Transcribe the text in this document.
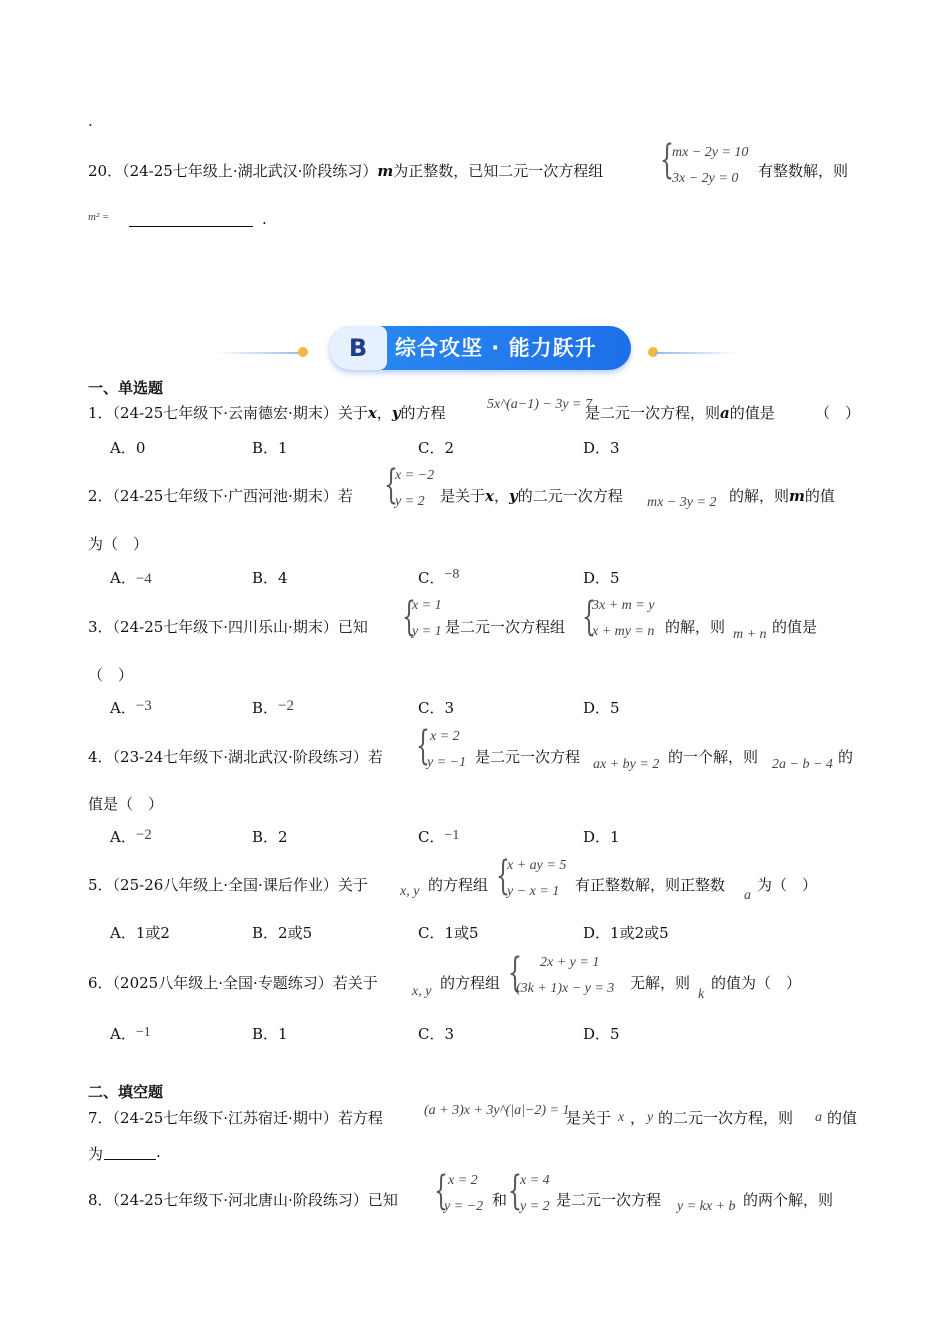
.
20．（24-25七年级上·湖北武汉·阶段练习）m为正整数，已知二元一次方程组 {
mx − 2y = 10
3x − 2y = 0 有整数解，则
m² =	.
B	综合攻坚 · 能力跃升
一、单选题
1．（24-25七年级下·云南德宏·期末）关于x，y的方程	5x^(a−1) − 3y = 7
是二元一次方程，则a的值是	（　）
A．0	B．1	C．2	D．3
2．（24-25七年级下·广西河池·期末）若 {
x = −2
y = 2 是关于x，y的二元一次方程 mx − 3y = 2 的解，则m的值
为（　）
A．−4	B．4	C．−8	D．5
3．（24-25七年级下·四川乐山·期末）已知 {
x = 1
y = 1 是二元一次方程组 {
3x + m = y
x + my = n 的解，则 m + n 的值是
（　）
A．−3	B．−2	C．3	D．5
4．（23-24七年级下·湖北武汉·阶段练习）若 { x = 2
y = −1 是二元一次方程 ax + by = 2 的一个解，则 2a − b − 4 的
值是（　）
A．−2	B．2	C．−1	D．1
5．（25-26八年级上·全国·课后作业）关于 x, y 的方程组 {
x + ay = 5
y − x = 1 有正整数解，则正整数
a
为（　）
A．1或2	B．2或5	C．1或5	D．1或2或5
6．（2025八年级上·全国·专题练习）若关于 x, y 的方程组 { 2x + y = 1
(3k + 1)x − y = 3 无解，则
k
的值为（　）
A．−1	B．1	C．3	D．5
二、填空题
7．（24-25七年级下·江苏宿迁·期中）若方程	(a + 3)x + 3y^(|a|−2) = 1
是关于 x ， y 的二元一次方程，则 a 的值
为	.
8．（24-25七年级下·河北唐山·阶段练习）已知 { x = 2
y = −2 和 {
x = 4
y = 2 是二元一次方程 y = kx + b 的两个解，则
